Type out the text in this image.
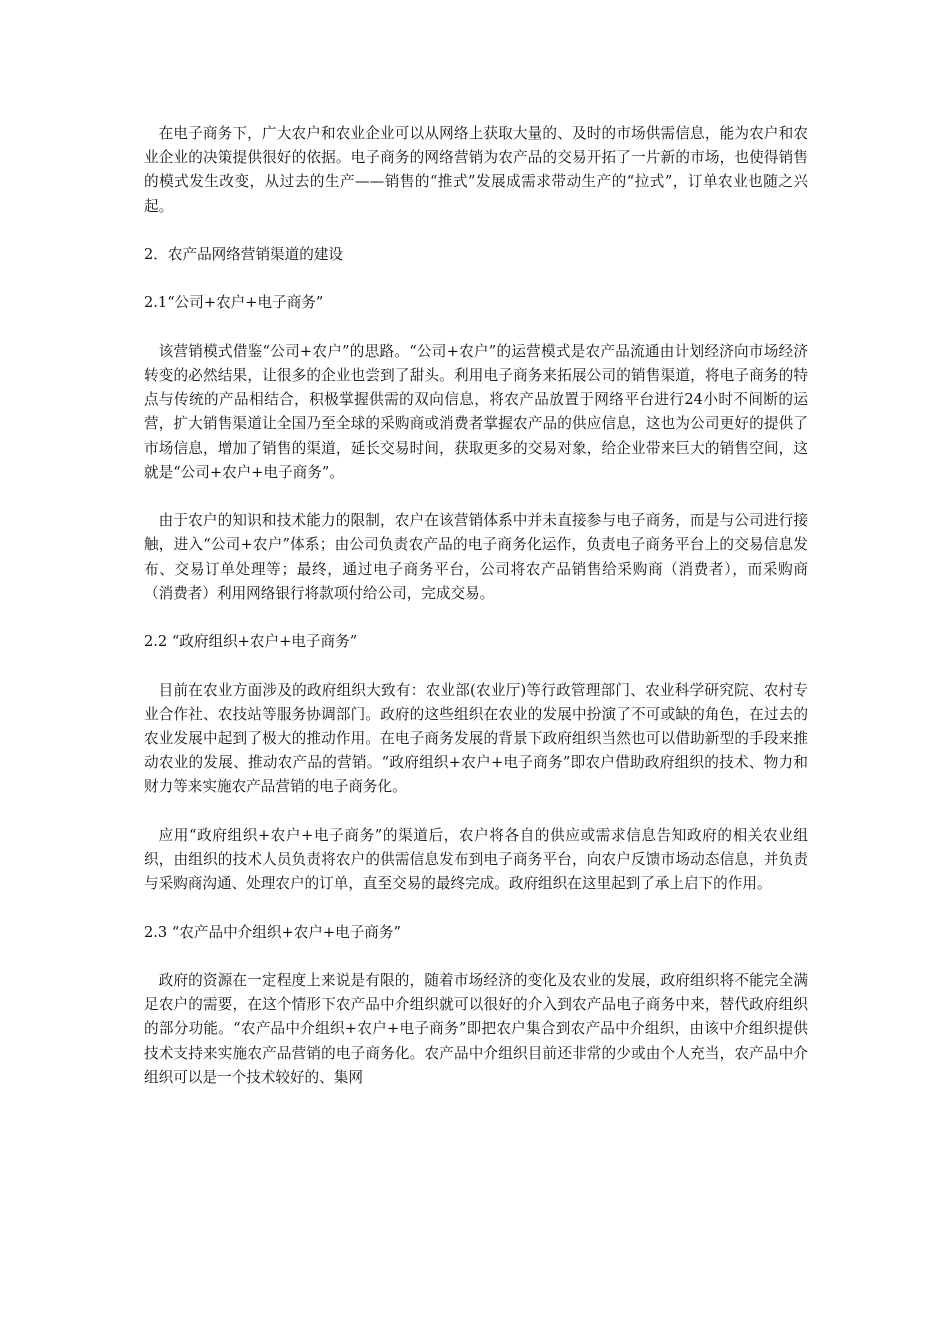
在电子商务下，广大农户和农业企业可以从网络上获取大量的、及时的市场供需信息，能为农户和农业企业的决策提供很好的依据。电子商务的网络营销为农产品的交易开拓了一片新的市场，也使得销售的模式发生改变，从过去的生产——销售的“推式”发展成需求带动生产的“拉式”，订单农业也随之兴起。

2．农产品网络营销渠道的建设

2.1“公司+农户+电子商务”

该营销模式借鉴“公司+农户”的思路。“公司+农户”的运营模式是农产品流通由计划经济向市场经济转变的必然结果，让很多的企业也尝到了甜头。利用电子商务来拓展公司的销售渠道，将电子商务的特点与传统的产品相结合，积极掌握供需的双向信息，将农产品放置于网络平台进行24小时不间断的运营，扩大销售渠道让全国乃至全球的采购商或消费者掌握农产品的供应信息，这也为公司更好的提供了市场信息，增加了销售的渠道，延长交易时间，获取更多的交易对象，给企业带来巨大的销售空间，这就是“公司+农户+电子商务”。

由于农户的知识和技术能力的限制，农户在该营销体系中并未直接参与电子商务，而是与公司进行接触，进入“公司+农户”体系；由公司负责农产品的电子商务化运作，负责电子商务平台上的交易信息发布、交易订单处理等；最终，通过电子商务平台，公司将农产品销售给采购商（消费者），而采购商（消费者）利用网络银行将款项付给公司，完成交易。

2.2 “政府组织+农户+电子商务”

目前在农业方面涉及的政府组织大致有：农业部(农业厅)等行政管理部门、农业科学研究院、农村专业合作社、农技站等服务协调部门。政府的这些组织在农业的发展中扮演了不可或缺的角色，在过去的农业发展中起到了极大的推动作用。在电子商务发展的背景下政府组织当然也可以借助新型的手段来推动农业的发展、推动农产品的营销。“政府组织+农户+电子商务”即农户借助政府组织的技术、物力和财力等来实施农产品营销的电子商务化。

应用“政府组织+农户+电子商务”的渠道后，农户将各自的供应或需求信息告知政府的相关农业组织，由组织的技术人员负责将农户的供需信息发布到电子商务平台，向农户反馈市场动态信息，并负责与采购商沟通、处理农户的订单，直至交易的最终完成。政府组织在这里起到了承上启下的作用。

2.3 “农产品中介组织+农户+电子商务”

政府的资源在一定程度上来说是有限的，随着市场经济的变化及农业的发展，政府组织将不能完全满足农户的需要，在这个情形下农产品中介组织就可以很好的介入到农产品电子商务中来，替代政府组织的部分功能。“农产品中介组织+农户+电子商务”即把农户集合到农产品中介组织，由该中介组织提供技术支持来实施农产品营销的电子商务化。农产品中介组织目前还非常的少或由个人充当，农产品中介组织可以是一个技术较好的、集网
